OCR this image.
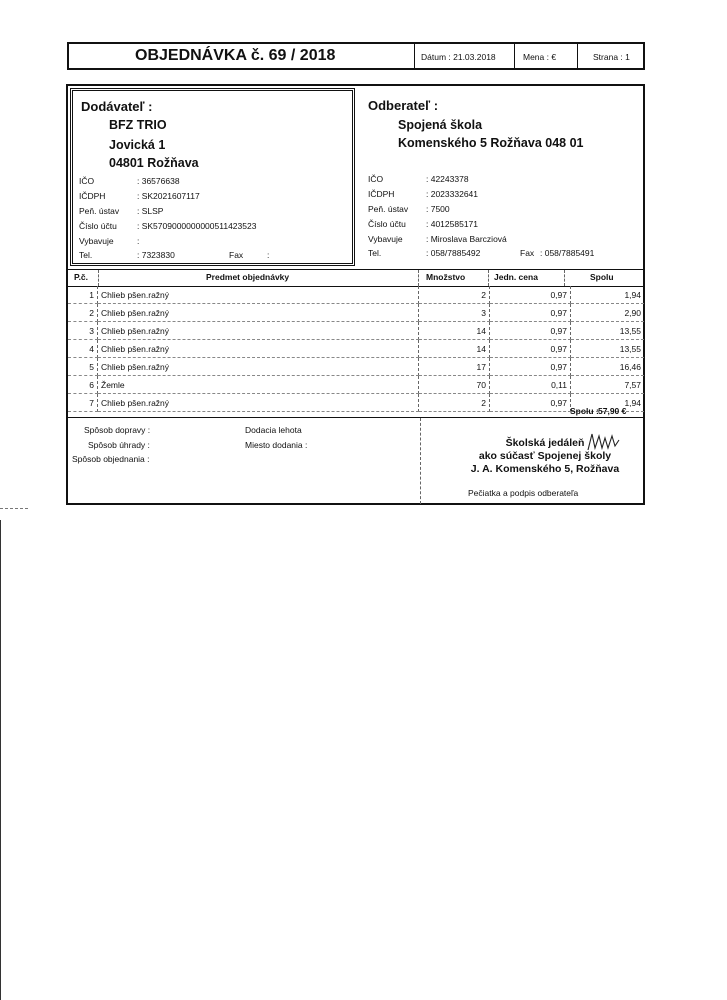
OBJEDNÁVKA č. 69 / 2018	Dátum : 21.03.2018	Mena : €	Strana : 1
Dodávateľ :
BFZ TRIO
Jovická 1
04801 Rožňava
IČO	: 36576638
IČDPH	: SK2021607117
Peň. ústav : SLSP
Číslo účtu : SK5709000000000511423523
Vybavuje	:
Tel.	: 7323830	Fax	:
Odberateľ :
Spojená škola
Komenského 5 Rožňava 048 01
IČO	: 42243378
IČDPH	: 2023332641
Peň. ústav : 7500
Číslo účtu : 4012585171
Vybavuje	: Miroslava Barcziová
Tel.	: 058/7885492	Fax : 058/7885491
P.č.	Predmet objednávky	Množstvo	Jedn. cena	Spolu
1	Chlieb pšen.ražný	2	0,97	1,94
2	Chlieb pšen.ražný	3	0,97	2,90
3	Chlieb pšen.ražný	14	0,97	13,55
4	Chlieb pšen.ražný	14	0,97	13,55
5	Chlieb pšen.ražný	17	0,97	16,46
6	Žemle	70	0,11	7,57
7	Chlieb pšen.ražný	2	0,97	1,94
Spolu : 57,90 €
Spôsob dopravy :
Spôsob úhrady :
Spôsob objednania :
Dodacia lehota
Miesto dodania :	Školská jedáleň
ako súčasť Spojenej školy
J. A. Komenského 5, Rožňava
Pečiatka a podpis odberateľa
